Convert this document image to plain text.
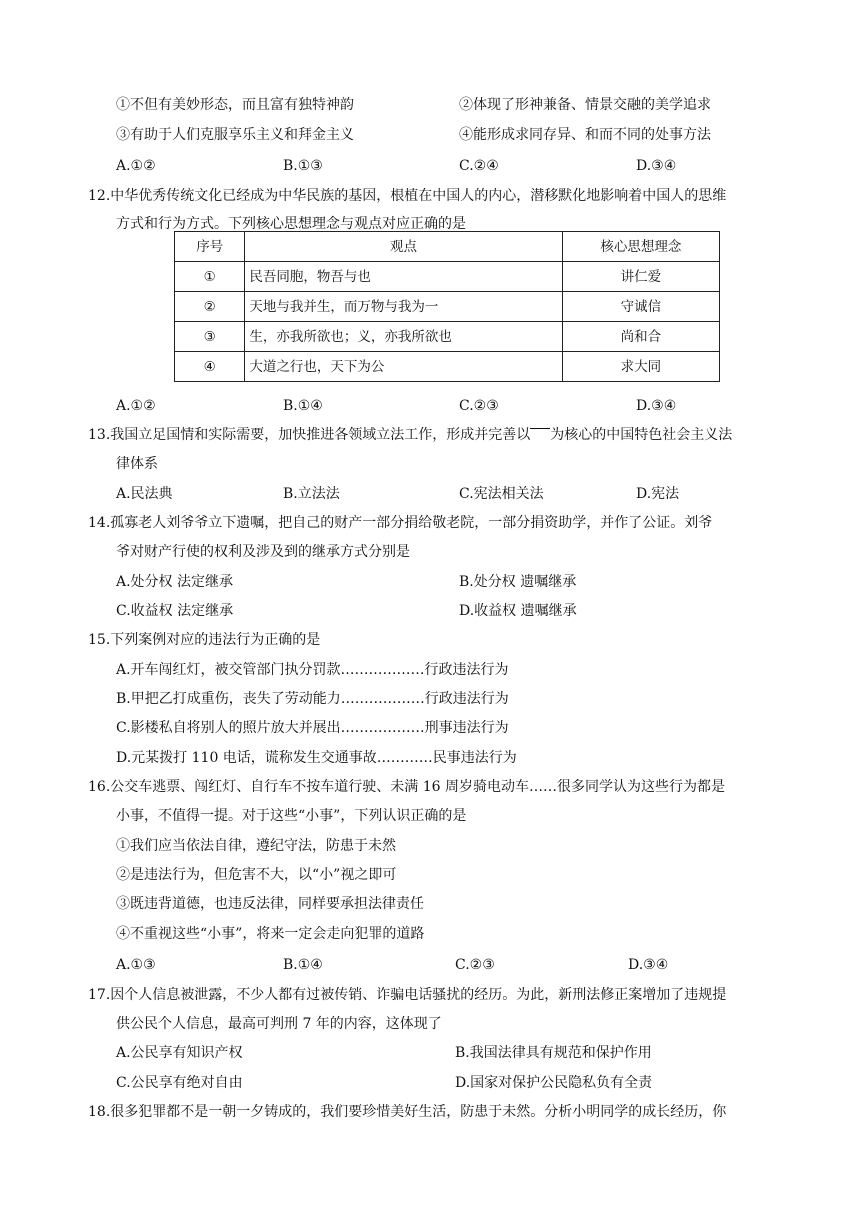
①不但有美妙形态，而且富有独特神韵	②体现了形神兼备、情景交融的美学追求
③有助于人们克服享乐主义和拜金主义	④能形成求同存异、和而不同的处事方法
A.①②	B.①③	C.②④	D.③④
12.中华优秀传统文化已经成为中华民族的基因，根植在中国人的内心，潜移默化地影响着中国人的思维
方式和行为方式。下列核心思想理念与观点对应正确的是
序号	观点	核心思想理念
①	民吾同胞，物吾与也	讲仁爱
②	天地与我并生，而万物与我为一	守诚信
③	生，亦我所欲也；义，亦我所欲也	尚和合
④	大道之行也，天下为公	求大同
A.①②	B.①④	C.②③	D.③④
13.我国立足国情和实际需要，加快推进各领域立法工作，形成并完善以 为核心的中国特色社会主义法
律体系
A.民法典	B.立法法	C.宪法相关法	D.宪法
14.孤寡老人刘爷爷立下遗嘱，把自己的财产一部分捐给敬老院，一部分捐资助学，并作了公证。刘爷
爷对财产行使的权利及涉及到的继承方式分别是
A.处分权 法定继承	B.处分权 遗嘱继承
C.收益权 法定继承	D.收益权 遗嘱继承
15.下列案例对应的违法行为正确的是
A.开车闯红灯，被交管部门执分罚款………………行政违法行为
B.甲把乙打成重伤，丧失了劳动能力………………行政违法行为
C.影楼私自将别人的照片放大并展出………………刑事违法行为
D.元某拨打 110 电话，谎称发生交通事故…………民事违法行为
16.公交车逃票、闯红灯、自行车不按车道行驶、未满 16 周岁骑电动车……很多同学认为这些行为都是
小事，不值得一提。对于这些“小事”，下列认识正确的是
①我们应当依法自律，遵纪守法，防患于未然
②是违法行为，但危害不大，以“小”视之即可
③既违背道德，也违反法律，同样要承担法律责任
④不重视这些“小事”，将来一定会走向犯罪的道路
A.①③	B.①④	C.②③	D.③④
17.因个人信息被泄露，不少人都有过被传销、诈骗电话骚扰的经历。为此，新刑法修正案增加了违规提
供公民个人信息，最高可判刑 7 年的内容，这体现了
A.公民享有知识产权	B.我国法律具有规范和保护作用
C.公民享有绝对自由	D.国家对保护公民隐私负有全责
18.很多犯罪都不是一朝一夕铸成的，我们要珍惜美好生活，防患于未然。分析小明同学的成长经历，你
